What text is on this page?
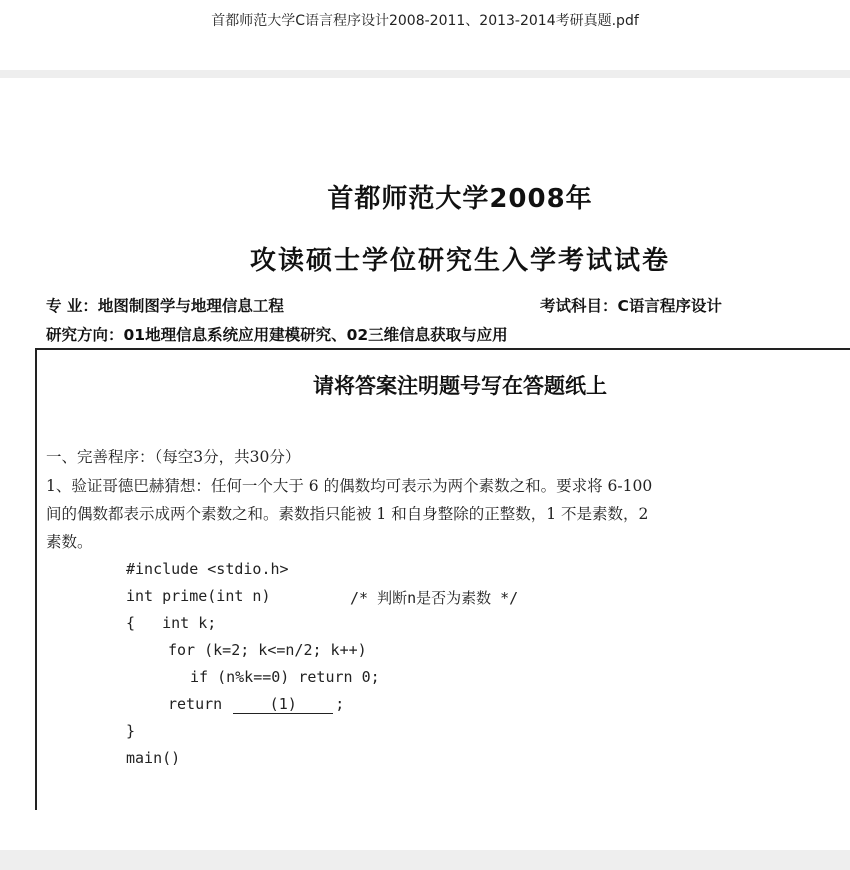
首都师范大学C语言程序设计2008-2011、2013-2014考研真题.pdf
首都师范大学2008年
攻读硕士学位研究生入学考试试卷
专 业：地图制图学与地理信息工程	考试科目：C语言程序设计
研究方向：01地理信息系统应用建模研究、02三维信息获取与应用
请将答案注明题号写在答题纸上
一、完善程序：（每空3分，共30分）
1、验证哥德巴赫猜想：任何一个大于 6 的偶数均可表示为两个素数之和。要求将 6-100
间的偶数都表示成两个素数之和。素数指只能被 1 和自身整除的正整数，1 不是素数，2
素数。
#include <stdio.h>
int prime(int n)	/* 判断n是否为素数 */
{   int k;
for (k=2; k<=n/2; k++)
if (n%k==0) return 0;
return	(1)	;
}
main()
